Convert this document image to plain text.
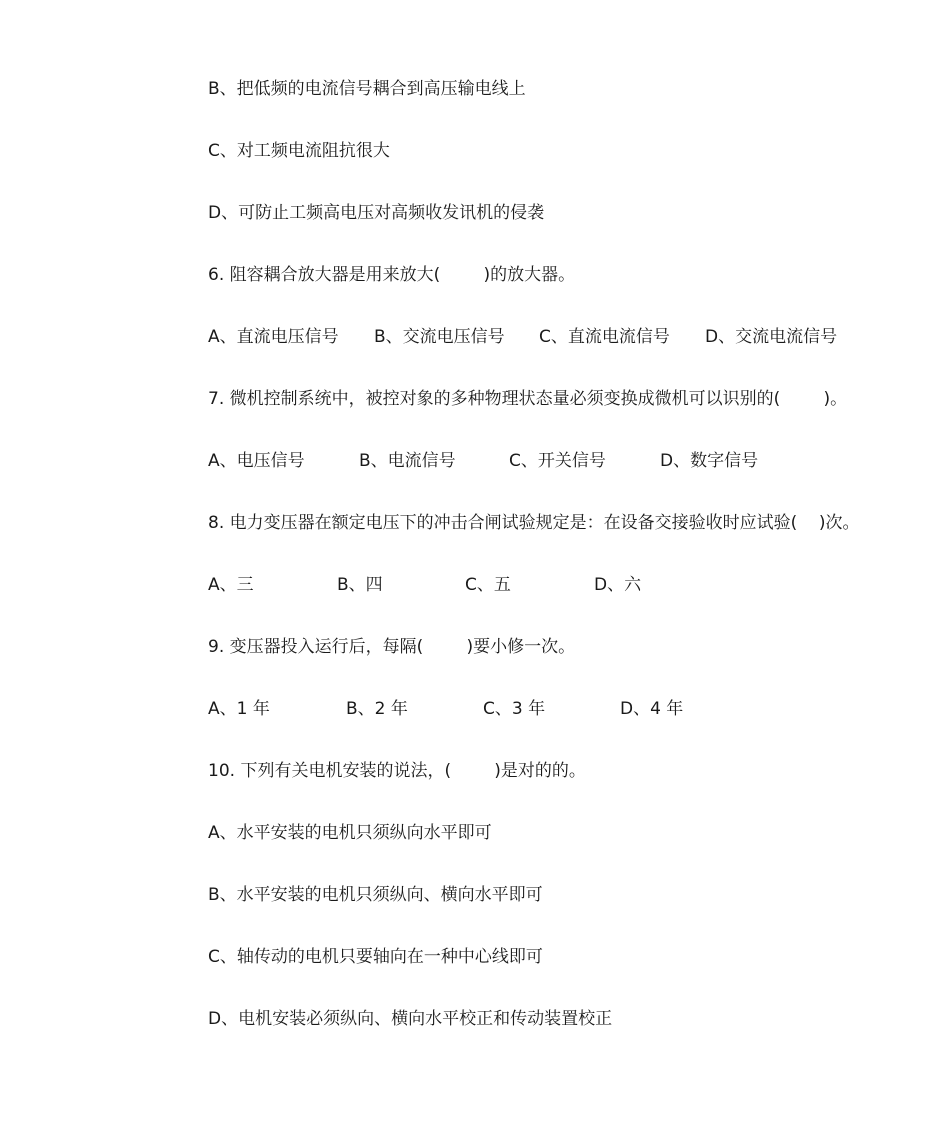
B、把低频的电流信号耦合到高压输电线上
C、对工频电流阻抗很大
D、可防止工频高电压对高频收发讯机的侵袭
6. 阻容耦合放大器是用来放大(        )的放大器。
A、直流电压信号 B、交流电压信号 C、直流电流信号 D、交流电流信号
7. 微机控制系统中，被控对象的多种物理状态量必须变换成微机可以识别的(        )。
A、电压信号	B、电流信号	C、开关信号	D、数字信号
8. 电力变压器在额定电压下的冲击合闸试验规定是：在设备交接验收时应试验(    )次。
A、三	B、四	C、五	D、六
9. 变压器投入运行后，每隔(        )要小修一次。
A、1 年	B、2 年	C、3 年	D、4 年
10. 下列有关电机安装的说法，(        )是对的的。
A、水平安装的电机只须纵向水平即可
B、水平安装的电机只须纵向、横向水平即可
C、轴传动的电机只要轴向在一种中心线即可
D、电机安装必须纵向、横向水平校正和传动装置校正
